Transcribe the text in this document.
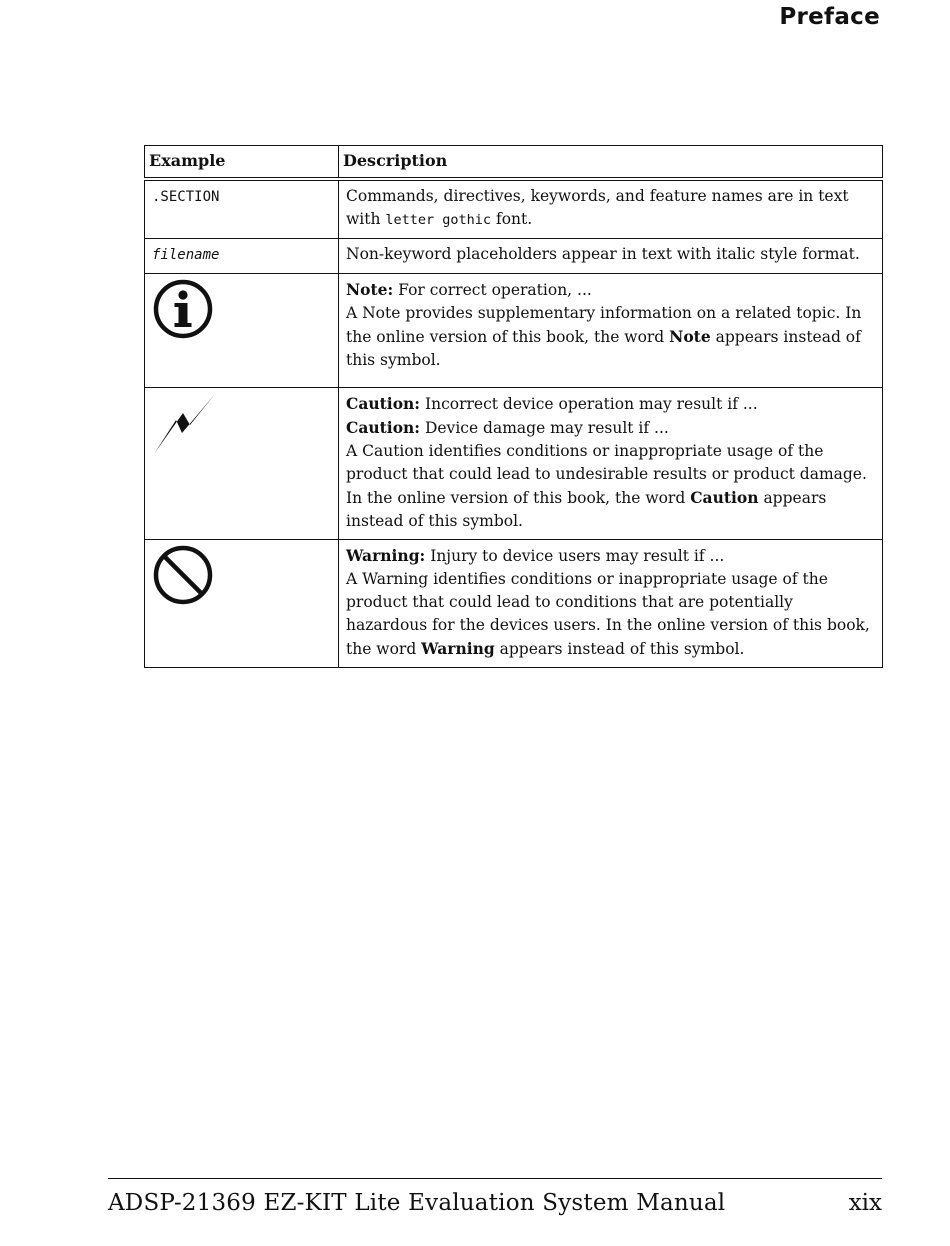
Preface
Example	Description
.SECTION	Commands, directives, keywords, and feature names are in text with letter gothic font.
filename	Non-keyword placeholders appear in text with italic style format.

Note: For correct operation, ...
A Note provides supplementary information on a related topic. In the online version of this book, the word Note appears instead of this symbol.

Caution: Incorrect device operation may result if ...
Caution: Device damage may result if ...
A Caution identifies conditions or inappropriate usage of the product that could lead to undesirable results or product damage. In the online version of this book, the word Caution appears instead of this symbol.

Warning: Injury to device users may result if ...
A Warning identifies conditions or inappropriate usage of the product that could lead to conditions that are potentially hazardous for the devices users. In the online version of this book, the word Warning appears instead of this symbol.
ADSP-21369 EZ-KIT Lite Evaluation System Manual	xix
